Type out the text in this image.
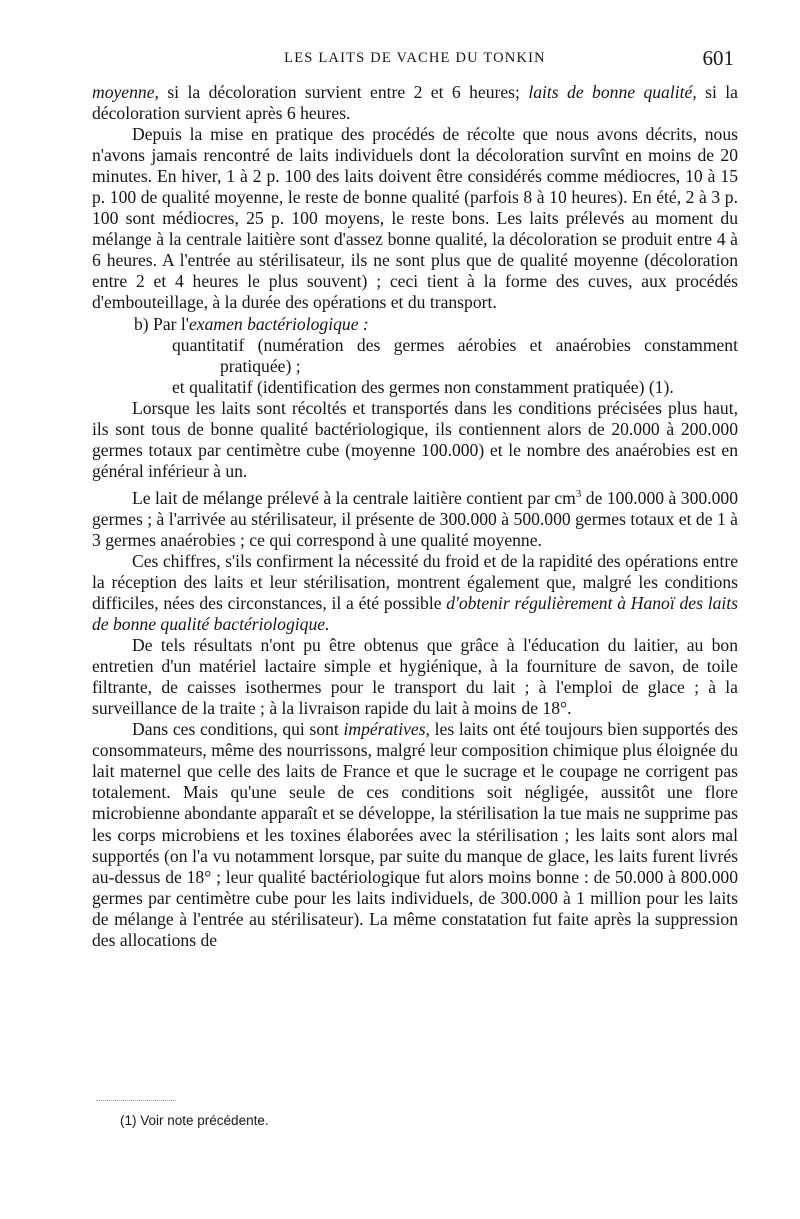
LES LAITS DE VACHE DU TONKIN	601

moyenne, si la décoloration survient entre 2 et 6 heures; laits de bonne qualité, si la décoloration survient après 6 heures.

Depuis la mise en pratique des procédés de récolte que nous avons décrits, nous n'avons jamais rencontré de laits individuels dont la décoloration survînt en moins de 20 minutes. En hiver, 1 à 2 p. 100 des laits doivent être considérés comme médiocres, 10 à 15 p. 100 de qualité moyenne, le reste de bonne qualité (parfois 8 à 10 heures). En été, 2 à 3 p. 100 sont médiocres, 25 p. 100 moyens, le reste bons. Les laits prélevés au moment du mélange à la centrale laitière sont d'assez bonne qualité, la décoloration se produit entre 4 à 6 heures. A l'entrée au stérilisateur, ils ne sont plus que de qualité moyenne (décoloration entre 2 et 4 heures le plus souvent) ; ceci tient à la forme des cuves, aux procédés d'embouteillage, à la durée des opérations et du transport.

b) Par l'examen bactériologique :

quantitatif (numération des germes aérobies et anaérobies constamment pratiquée) ;

et qualitatif (identification des germes non constamment pratiquée) (1).

Lorsque les laits sont récoltés et transportés dans les conditions précisées plus haut, ils sont tous de bonne qualité bactériologique, ils contiennent alors de 20.000 à 200.000 germes totaux par centimètre cube (moyenne 100.000) et le nombre des anaérobies est en général inférieur à un.

Le lait de mélange prélevé à la centrale laitière contient par $cm^3$ de 100.000 à 300.000 germes ; à l'arrivée au stérilisateur, il présente de 300.000 à 500.000 germes totaux et de 1 à 3 germes anaérobies ; ce qui correspond à une qualité moyenne.

Ces chiffres, s'ils confirment la nécessité du froid et de la rapidité des opérations entre la réception des laits et leur stérilisation, montrent également que, malgré les conditions difficiles, nées des circonstances, il a été possible d'obtenir régulièrement à Hanoï des laits de bonne qualité bactériologique.

De tels résultats n'ont pu être obtenus que grâce à l'éducation du laitier, au bon entretien d'un matériel lactaire simple et hygiénique, à la fourniture de savon, de toile filtrante, de caisses isothermes pour le transport du lait ; à l'emploi de glace ; à la surveillance de la traite ; à la livraison rapide du lait à moins de 18°.

Dans ces conditions, qui sont impératives, les laits ont été toujours bien supportés des consommateurs, même des nourrissons, malgré leur composition chimique plus éloignée du lait maternel que celle des laits de France et que le sucrage et le coupage ne corrigent pas totalement. Mais qu'une seule de ces conditions soit négligée, aussitôt une flore microbienne abondante apparaît et se développe, la stérilisation la tue mais ne supprime pas les corps microbiens et les toxines élaborées avec la stérilisation ; les laits sont alors mal supportés (on l'a vu notamment lorsque, par suite du manque de glace, les laits furent livrés au-dessus de 18° ; leur qualité bactériologique fut alors moins bonne : de 50.000 à 800.000 germes par centimètre cube pour les laits individuels, de 300.000 à 1 million pour les laits de mélange à l'entrée au stérilisateur). La même constatation fut faite après la suppression des allocations de

(1) Voir note précédente.
